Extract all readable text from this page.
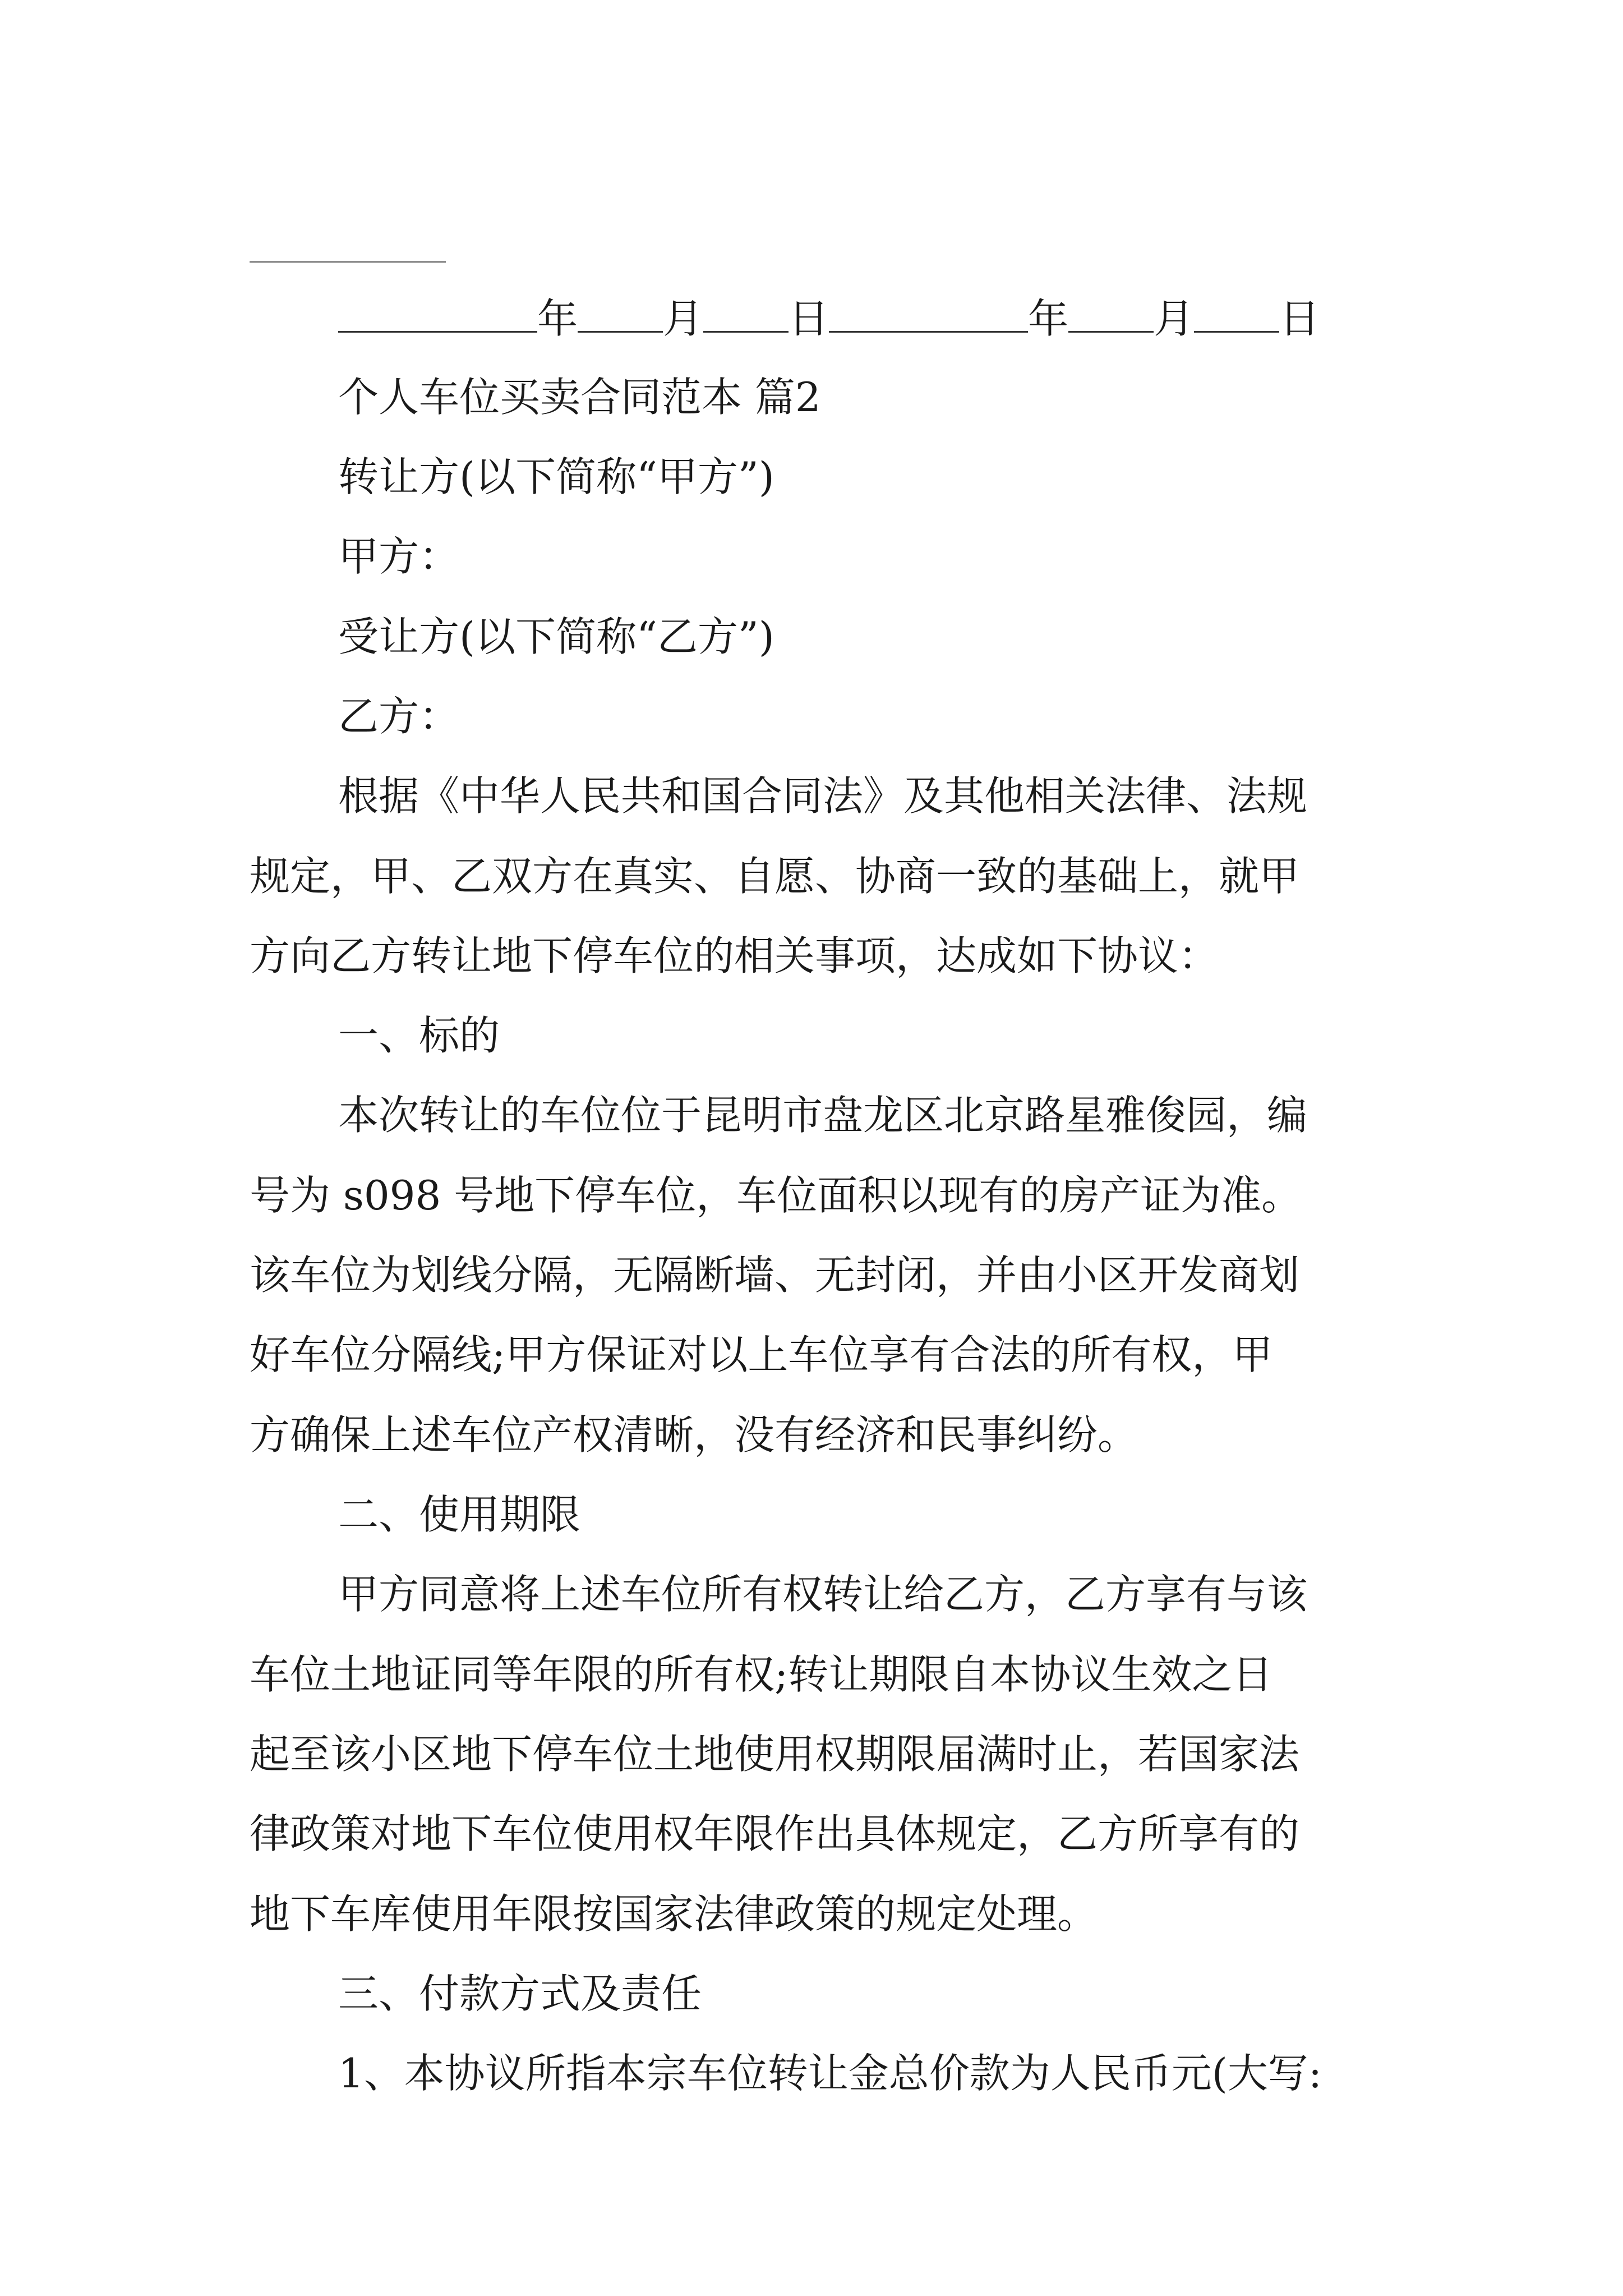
年 月 日	年 月 日
个人车位买卖合同范本 篇2
转让方(以下简称“甲方”)
甲方：
受让方(以下简称“乙方”)
乙方：
根据《中华人民共和国合同法》及其他相关法律、法规
规定，甲、乙双方在真实、自愿、协商一致的基础上，就甲
方向乙方转让地下停车位的相关事项，达成如下协议：
一、标的
本次转让的车位位于昆明市盘龙区北京路星雅俊园，编
号为 s098 号地下停车位，车位面积以现有的房产证为准。
该车位为划线分隔，无隔断墙、无封闭，并由小区开发商划
好车位分隔线;甲方保证对以上车位享有合法的所有权，甲
方确保上述车位产权清晰，没有经济和民事纠纷。
二、使用期限
甲方同意将上述车位所有权转让给乙方，乙方享有与该
车位土地证同等年限的所有权;转让期限自本协议生效之日
起至该小区地下停车位土地使用权期限届满时止，若国家法
律政策对地下车位使用权年限作出具体规定，乙方所享有的
地下车库使用年限按国家法律政策的规定处理。
三、付款方式及责任
1、本协议所指本宗车位转让金总价款为人民币元(大写:
